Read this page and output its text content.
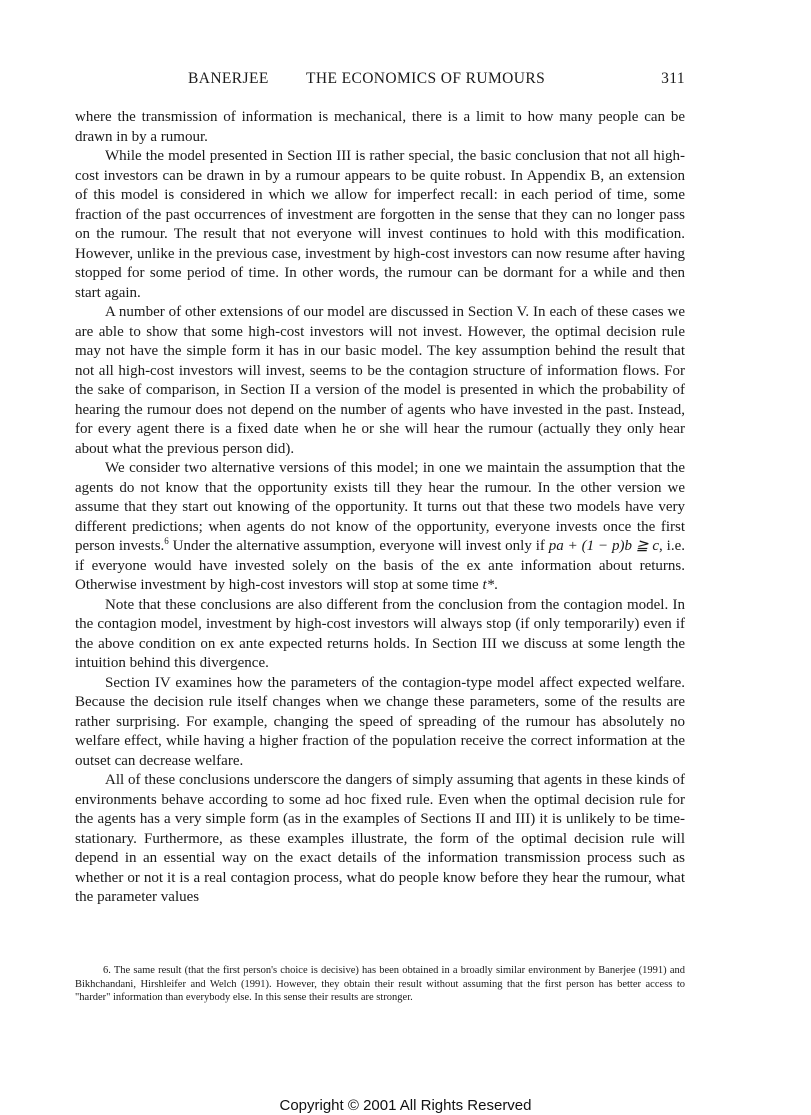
BANERJEE THE ECONOMICS OF RUMOURS	311

where the transmission of information is mechanical, there is a limit to how many people can be drawn in by a rumour.

While the model presented in Section III is rather special, the basic conclusion that not all high-cost investors can be drawn in by a rumour appears to be quite robust. In Appendix B, an extension of this model is considered in which we allow for imperfect recall: in each period of time, some fraction of the past occurrences of investment are forgotten in the sense that they can no longer pass on the rumour. The result that not everyone will invest continues to hold with this modification. However, unlike in the previous case, investment by high-cost investors can now resume after having stopped for some period of time. In other words, the rumour can be dormant for a while and then start again.

A number of other extensions of our model are discussed in Section V. In each of these cases we are able to show that some high-cost investors will not invest. However, the optimal decision rule may not have the simple form it has in our basic model. The key assumption behind the result that not all high-cost investors will invest, seems to be the contagion structure of information flows. For the sake of comparison, in Section II a version of the model is presented in which the probability of hearing the rumour does not depend on the number of agents who have invested in the past. Instead, for every agent there is a fixed date when he or she will hear the rumour (actually they only hear about what the previous person did).

We consider two alternative versions of this model; in one we maintain the assumption that the agents do not know that the opportunity exists till they hear the rumour. In the other version we assume that they start out knowing of the opportunity. It turns out that these two models have very different predictions; when agents do not know of the opportunity, everyone invests once the first person invests.$^6$ Under the alternative assumption, everyone will invest only if pa + (1 − p)b ≧ c, i.e. if everyone would have invested solely on the basis of the ex ante information about returns. Otherwise investment by high-cost investors will stop at some time t*.

Note that these conclusions are also different from the conclusion from the contagion model. In the contagion model, investment by high-cost investors will always stop (if only temporarily) even if the above condition on ex ante expected returns holds. In Section III we discuss at some length the intuition behind this divergence.

Section IV examines how the parameters of the contagion-type model affect expected welfare. Because the decision rule itself changes when we change these parameters, some of the results are rather surprising. For example, changing the speed of spreading of the rumour has absolutely no welfare effect, while having a higher fraction of the population receive the correct information at the outset can decrease welfare.

All of these conclusions underscore the dangers of simply assuming that agents in these kinds of environments behave according to some ad hoc fixed rule. Even when the optimal decision rule for the agents has a very simple form (as in the examples of Sections II and III) it is unlikely to be time-stationary. Furthermore, as these examples illustrate, the form of the optimal decision rule will depend in an essential way on the exact details of the information transmission process such as whether or not it is a real contagion process, what do people know before they hear the rumour, what the parameter values

6. The same result (that the first person's choice is decisive) has been obtained in a broadly similar environment by Banerjee (1991) and Bikhchandani, Hirshleifer and Welch (1991). However, they obtain their result without assuming that the first person has better access to "harder" information than everybody else. In this sense their results are stronger.

Copyright © 2001 All Rights Reserved
